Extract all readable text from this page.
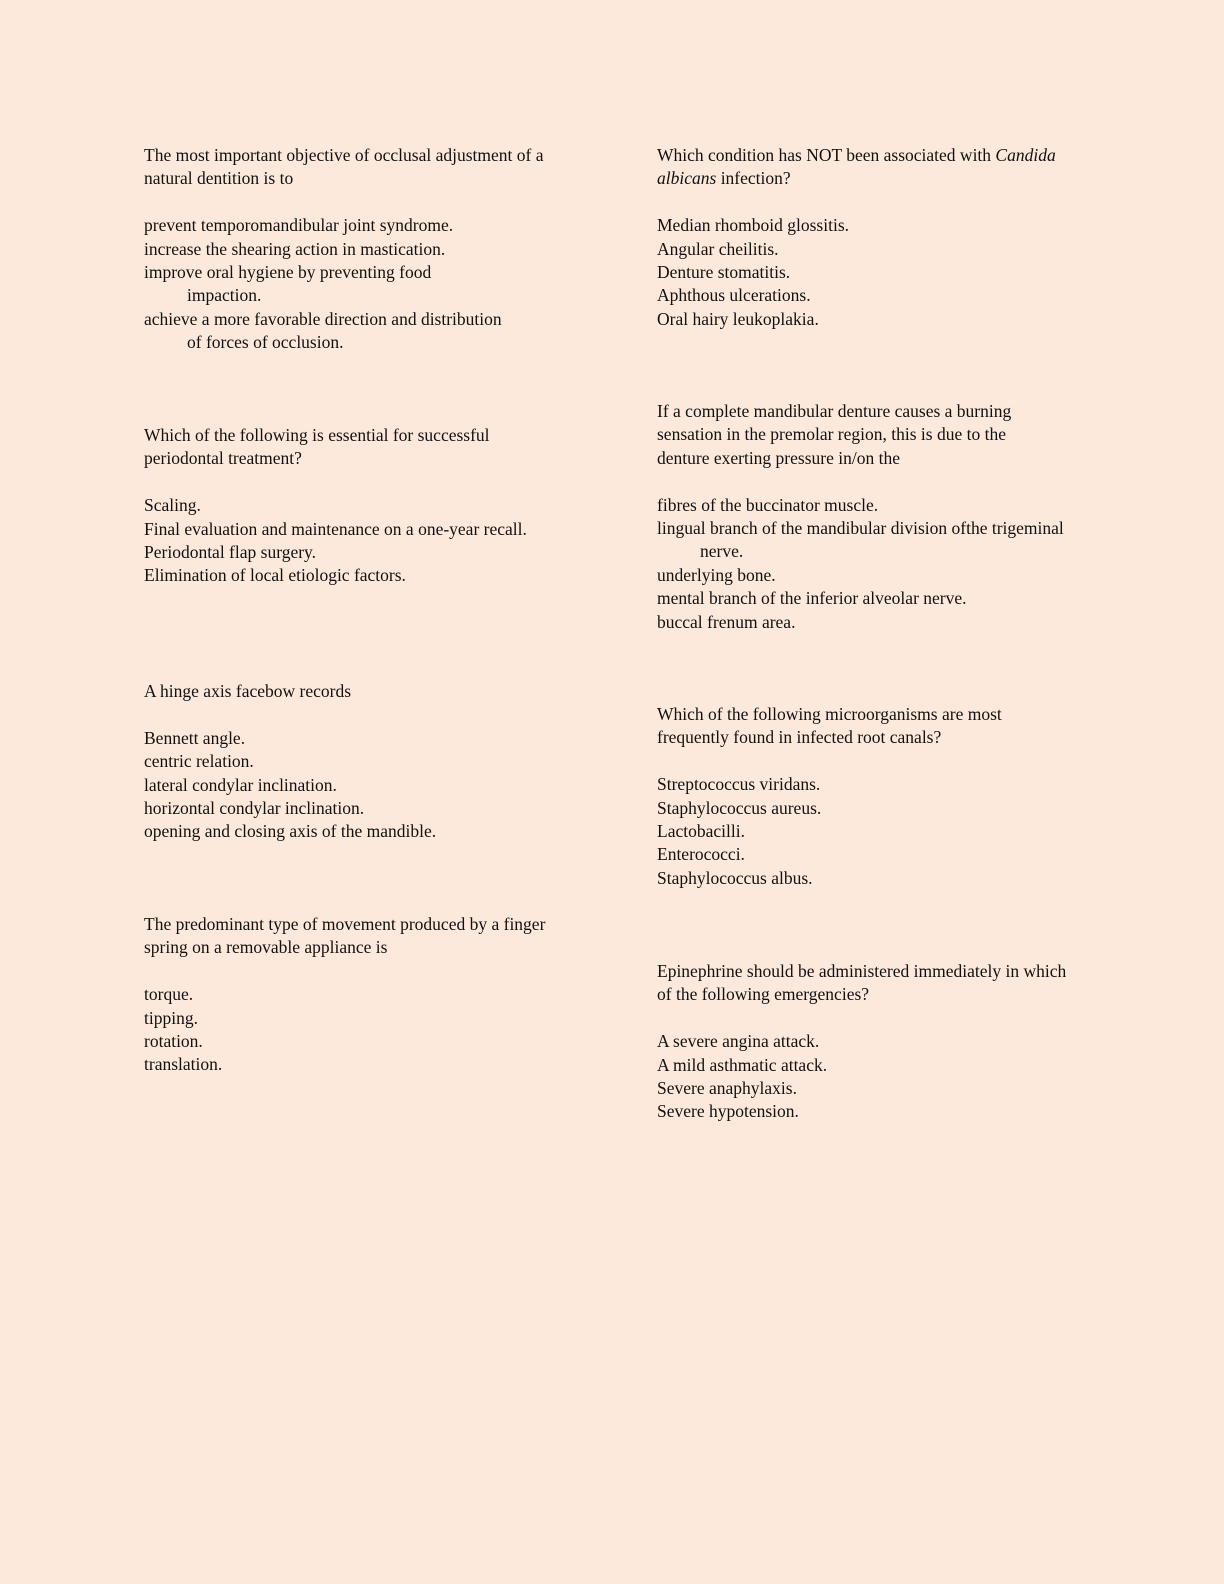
The most important objective of occlusal adjustment of a natural dentition is to

prevent temporomandibular joint syndrome.
increase the shearing action in mastication.
improve oral hygiene by preventing food impaction.
achieve a more favorable direction and distribution of forces of occlusion.

Which condition has NOT been associated with Candida albicans infection?

Median rhomboid glossitis.
Angular cheilitis.
Denture stomatitis.
Aphthous ulcerations.
Oral hairy leukoplakia.

Which of the following is essential for successful periodontal treatment?

Scaling.
Final evaluation and maintenance on a one-year recall.
Periodontal flap surgery.
Elimination of local etiologic factors.

If a complete mandibular denture causes a burning sensation in the premolar region, this is due to the denture exerting pressure in/on the

fibres of the buccinator muscle.
lingual branch of the mandibular division ofthe trigeminal nerve.
underlying bone.
mental branch of the inferior alveolar nerve.
buccal frenum area.

A hinge axis facebow records

Bennett angle.
centric relation.
lateral condylar inclination.
horizontal condylar inclination.
opening and closing axis of the mandible.

Which of the following microorganisms are most frequently found in infected root canals?

Streptococcus viridans.
Staphylococcus aureus.
Lactobacilli.
Enterococci.
Staphylococcus albus.

The predominant type of movement produced by a finger spring on a removable appliance is

torque.
tipping.
rotation.
translation.

Epinephrine should be administered immediately in which of the following emergencies?

A severe angina attack.
A mild asthmatic attack.
Severe anaphylaxis.
Severe hypotension.
